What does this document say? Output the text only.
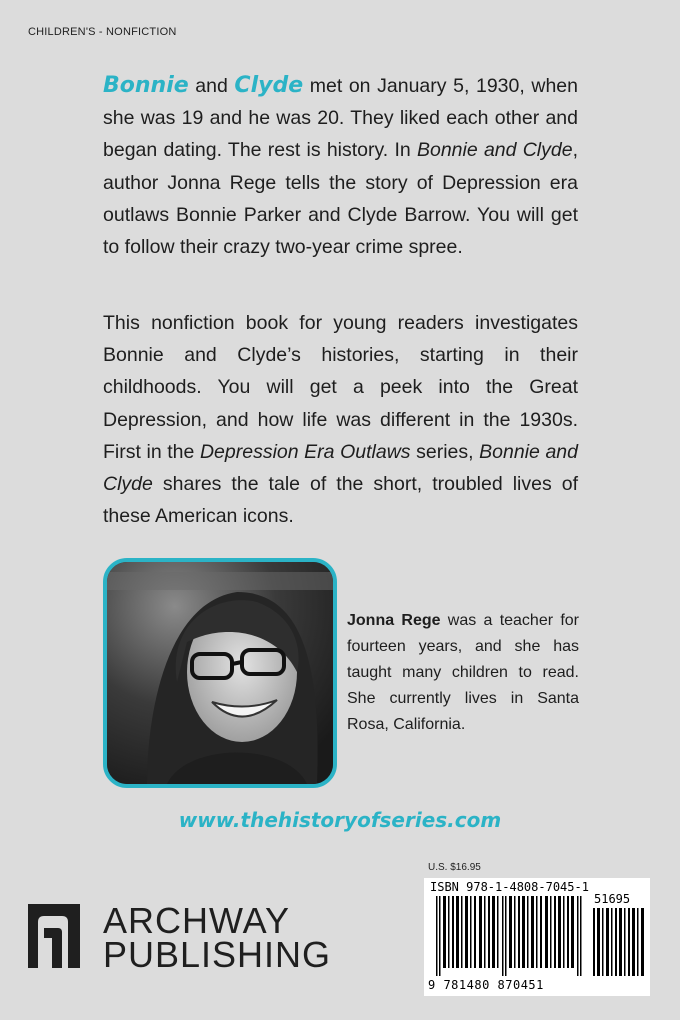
CHILDREN'S - NONFICTION

Bonnie and Clyde met on January 5, 1930, when she was 19 and he was 20. They liked each other and began dating. The rest is history. In Bonnie and Clyde, author Jonna Rege tells the story of Depression era outlaws Bonnie Parker and Clyde Barrow. You will get to follow their crazy two-year crime spree.

This nonfiction book for young readers investigates Bonnie and Clyde’s histories, starting in their childhoods. You will get a peek into the Great Depression, and how life was different in the 1930s. First in the Depression Era Outlaws series, Bonnie and Clyde shares the tale of the short, troubled lives of these American icons.

Jonna Rege was a teacher for fourteen years, and she has taught many children to read. She currently lives in Santa Rosa, California.

www.thehistoryofseries.com
ARCHWAY
PUBLISHING
U.S. $16.95
ISBN 978-1-4808-7045-1
51695
9 781480 870451
